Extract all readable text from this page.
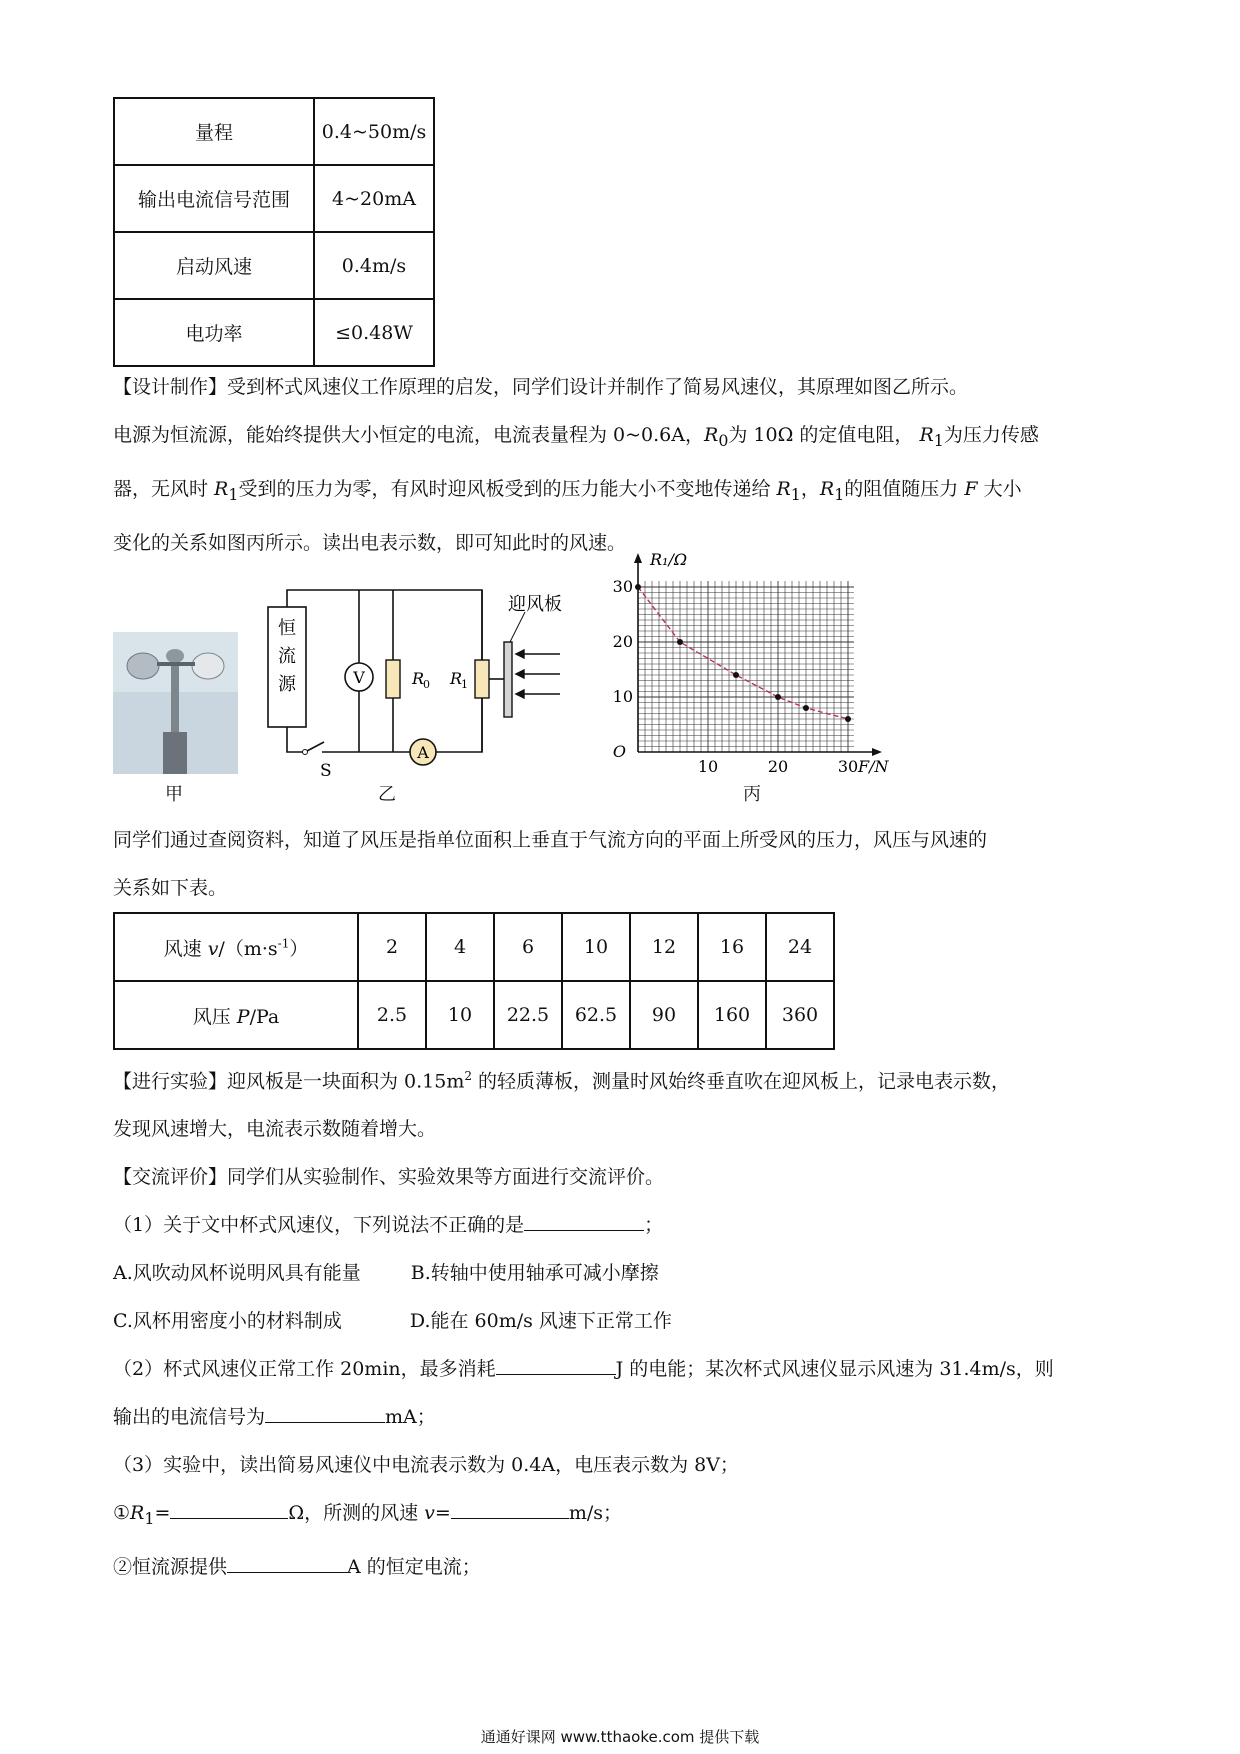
量程	0.4~50m/s
输出电流信号范围	4~20mA
启动风速	0.4m/s
电功率	≤0.48W

【设计制作】受到杯式风速仪工作原理的启发，同学们设计并制作了简易风速仪，其原理如图乙所示。

电源为恒流源，能始终提供大小恒定的电流，电流表量程为 0~0.6A，$R_0$为 10Ω 的定值电阻， $R_1$为压力传感

器，无风时 $R_1$受到的压力为零，有风时迎风板受到的压力能大小不变地传递给 $R_1$，$R_1$的阻值随压力 F 大小

变化的关系如图丙所示。读出电表示数，即可知此时的风速。

甲
恒
流
源
S
V	R
0 R
1
A
迎风板
乙
10	20	30
10
20
30
O
F/N
R₁/Ω
丙

同学们通过查阅资料，知道了风压是指单位面积上垂直于气流方向的平面上所受风的压力，风压与风速的

关系如下表。

风速 $v/(m\cdot s^{-1})$	2	4	6	10	12	16	24
风压 P/Pa	2.5	10	22.5	62.5	90	160	360

【进行实验】迎风板是一块面积为 $0.15m^2$ 的轻质薄板，测量时风始终垂直吹在迎风板上，记录电表示数，

发现风速增大，电流表示数随着增大。

【交流评价】同学们从实验制作、实验效果等方面进行交流评价。

（1）关于文中杯式风速仪，下列说法不正确的是	；

A.风吹动风杯说明风具有能量	B.转轴中使用轴承可减小摩擦

C.风杯用密度小的材料制成	D.能在 60m/s 风速下正常工作

（2）杯式风速仪正常工作 20min，最多消耗	J 的电能；某次杯式风速仪显示风速为 31.4m/s，则

输出的电流信号为	mA；

（3）实验中，读出简易风速仪中电流表示数为 0.4A，电压表示数为 8V；

$①R_1=$	Ω，所测的风速 v=	m/s；

②恒流源提供	A 的恒定电流；

通通好课网 www.tthaoke.com 提供下载
